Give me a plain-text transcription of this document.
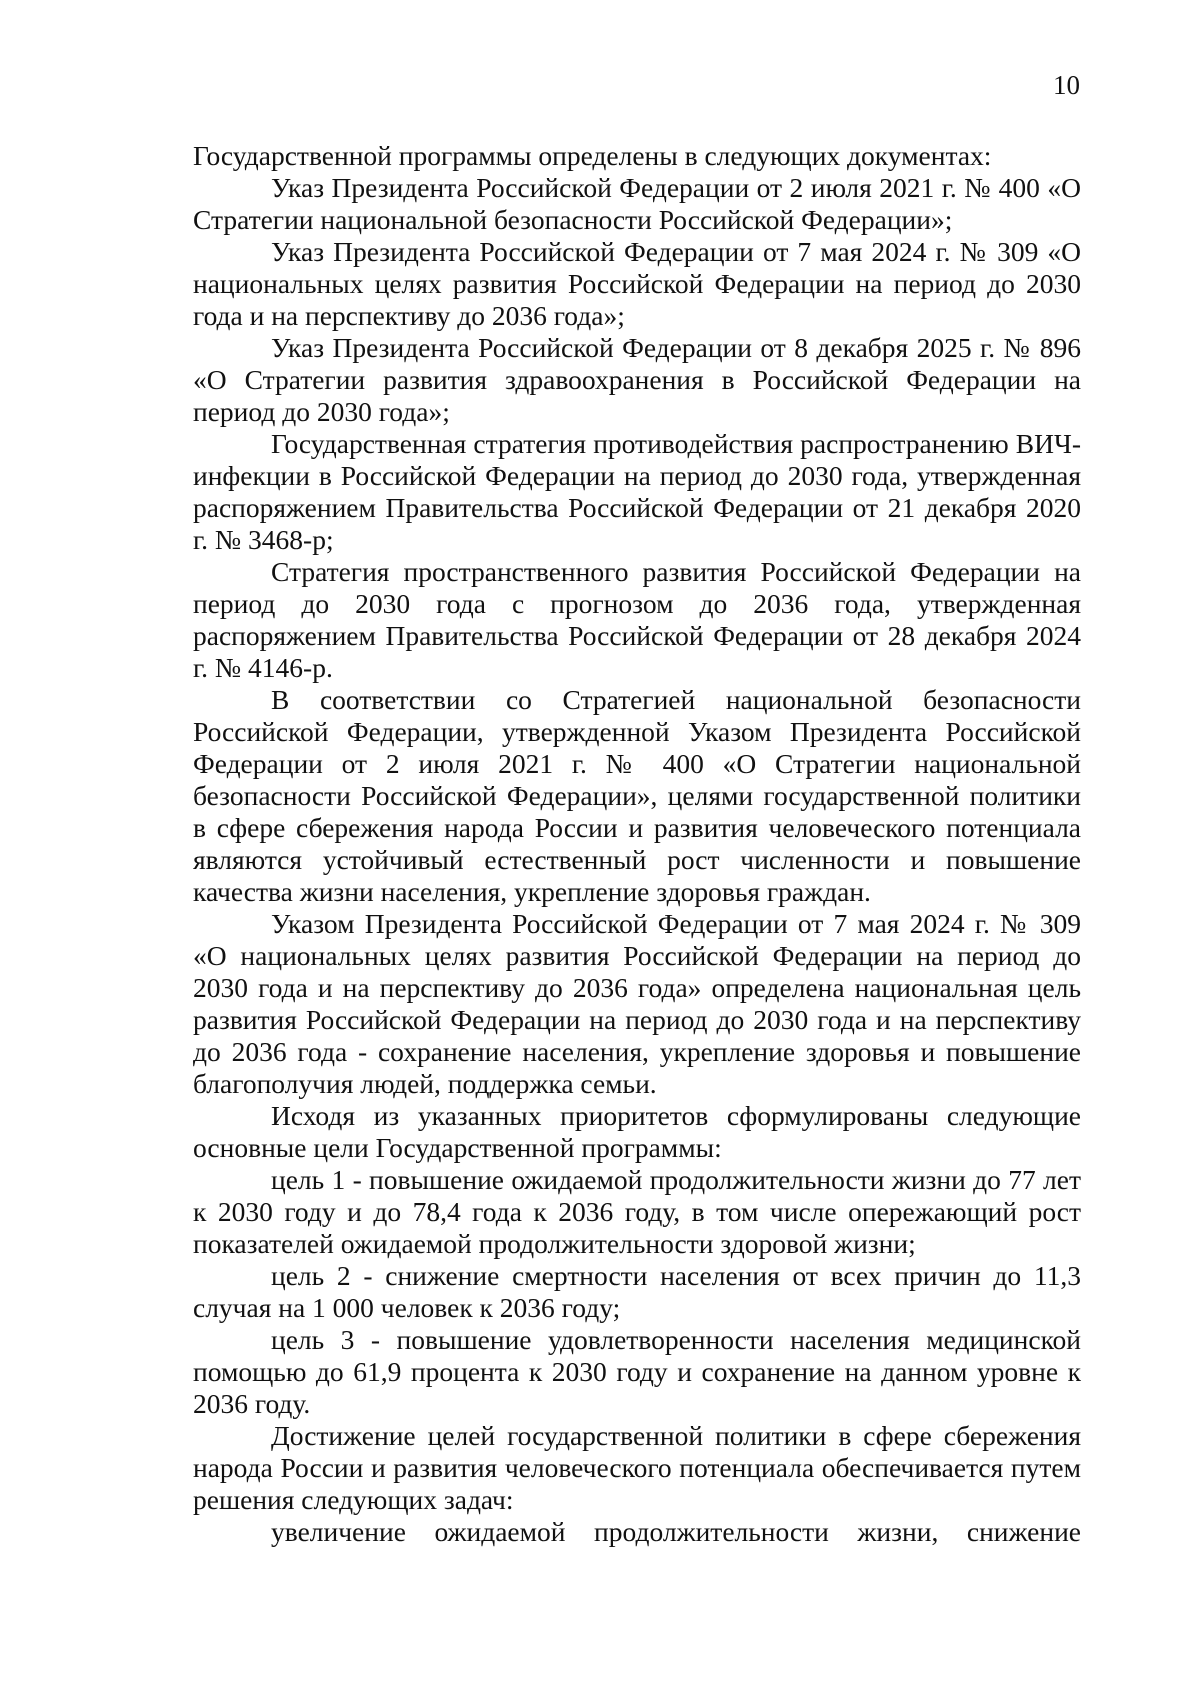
10

Государственной программы определены в следующих документах:

Указ Президента Российской Федерации от 2 июля 2021 г. № 400 «О Стратегии национальной безопасности Российской Федерации»;

Указ Президента Российской Федерации от 7 мая 2024 г. № 309 «О национальных целях развития Российской Федерации на период до 2030 года и на перспективу до 2036 года»;

Указ Президента Российской Федерации от 8 декабря 2025 г. № 896 «О Стратегии развития здравоохранения в Российской Федерации на период до 2030 года»;

Государственная стратегия противодействия распространению ВИЧ-инфекции в Российской Федерации на период до 2030 года, утвержденная распоряжением Правительства Российской Федерации от 21 декабря 2020 г. № 3468-р;

Стратегия пространственного развития Российской Федерации на период до 2030 года с прогнозом до 2036 года, утвержденная распоряжением Правительства Российской Федерации от 28 декабря 2024 г. № 4146-р.

В соответствии со Стратегией национальной безопасности Российской Федерации, утвержденной Указом Президента Российской Федерации от 2 июля 2021 г. № 400 «О Стратегии национальной безопасности Российской Федерации», целями государственной политики в сфере сбережения народа России и развития человеческого потенциала являются устойчивый естественный рост численности и повышение качества жизни населения, укрепление здоровья граждан.

Указом Президента Российской Федерации от 7 мая 2024 г. № 309 «О национальных целях развития Российской Федерации на период до 2030 года и на перспективу до 2036 года» определена национальная цель развития Российской Федерации на период до 2030 года и на перспективу до 2036 года - сохранение населения, укрепление здоровья и повышение благополучия людей, поддержка семьи.

Исходя из указанных приоритетов сформулированы следующие основные цели Государственной программы:

цель 1 - повышение ожидаемой продолжительности жизни до 77 лет к 2030 году и до 78,4 года к 2036 году, в том числе опережающий рост показателей ожидаемой продолжительности здоровой жизни;

цель 2 - снижение смертности населения от всех причин до 11,3 случая на 1 000 человек к 2036 году;

цель 3 - повышение удовлетворенности населения медицинской помощью до 61,9 процента к 2030 году и сохранение на данном уровне к 2036 году.

Достижение целей государственной политики в сфере сбережения народа России и развития человеческого потенциала обеспечивается путем решения следующих задач:

увеличение ожидаемой продолжительности жизни, снижение
